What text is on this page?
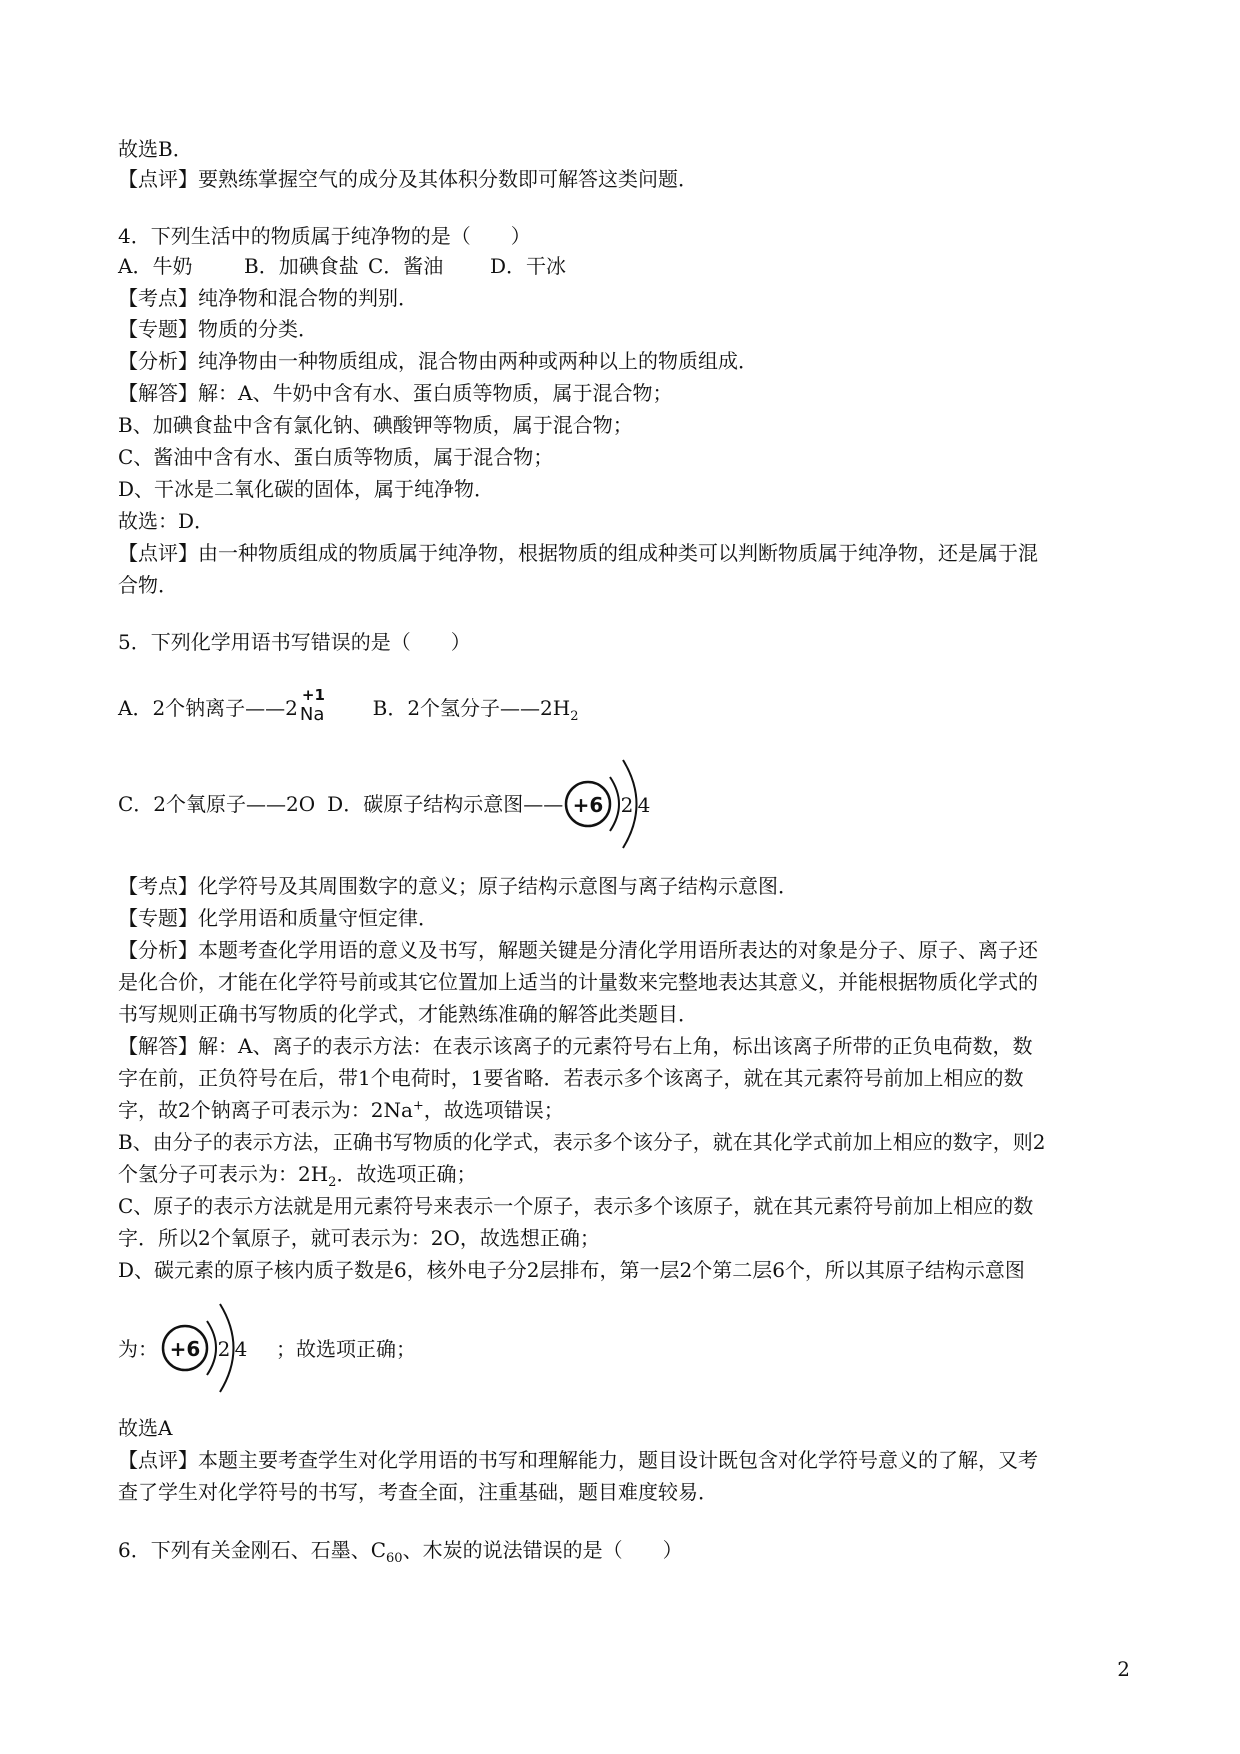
故选B．
【点评】要熟练掌握空气的成分及其体积分数即可解答这类问题．
4．下列生活中的物质属于纯净物的是（　　）
A．牛奶	B．加碘食盐 C．酱油 D．干冰
【考点】纯净物和混合物的判别．
【专题】物质的分类．
【分析】纯净物由一种物质组成，混合物由两种或两种以上的物质组成．
【解答】解：A、牛奶中含有水、蛋白质等物质，属于混合物；
B、加碘食盐中含有氯化钠、碘酸钾等物质，属于混合物；
C、酱油中含有水、蛋白质等物质，属于混合物；
D、干冰是二氧化碳的固体，属于纯净物．
故选：D．
【点评】由一种物质组成的物质属于纯净物，根据物质的组成种类可以判断物质属于纯净物，还是属于混
合物．
5．下列化学用语书写错误的是（　　）
A．2个钠离子——2
+1
Na B．2个氢分子$——2H_2$
C．2个氧原子——2O D．碳原子结构示意图—— +6 2 4
【考点】化学符号及其周围数字的意义；原子结构示意图与离子结构示意图．
【专题】化学用语和质量守恒定律．
【分析】本题考查化学用语的意义及书写，解题关键是分清化学用语所表达的对象是分子、原子、离子还
是化合价，才能在化学符号前或其它位置加上适当的计量数来完整地表达其意义，并能根据物质化学式的
书写规则正确书写物质的化学式，才能熟练准确的解答此类题目．
【解答】解：A、离子的表示方法：在表示该离子的元素符号右上角，标出该离子所带的正负电荷数，数
字在前，正负符号在后，带1个电荷时，1要省略．若表示多个该离子，就在其元素符号前加上相应的数
字，故2个钠离子可表示为：2Na+，故选项错误；
B、由分子的表示方法，正确书写物质的化学式，表示多个该分子，就在其化学式前加上相应的数字，则2
个氢分子可表示为：$2H_2$．故选项正确；
C、原子的表示方法就是用元素符号来表示一个原子，表示多个该原子，就在其元素符号前加上相应的数
字．所以2个氧原子，就可表示为：2O，故选想正确；
D、碳元素的原子核内质子数是6，核外电子分2层排布，第一层2个第二层6个，所以其原子结构示意图
为：	；故选项正确；
+6 2 4
故选A
【点评】本题主要考查学生对化学用语的书写和理解能力，题目设计既包含对化学符号意义的了解，又考
查了学生对化学符号的书写，考查全面，注重基础，题目难度较易．
6．下列有关金刚石、石墨、$C_{60}$、木炭的说法错误的是（　　）
2
